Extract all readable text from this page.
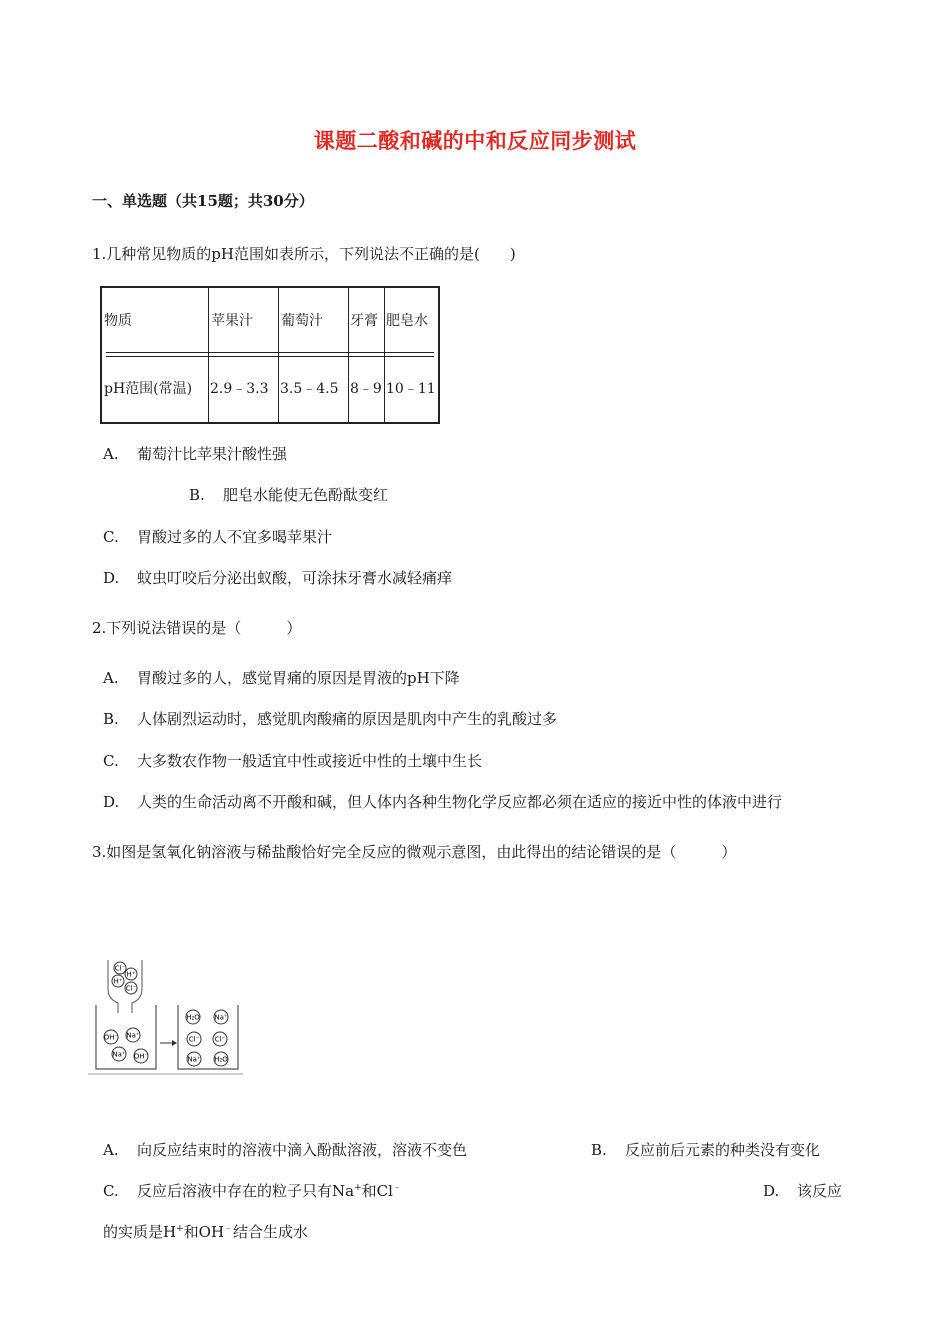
课题二酸和碱的中和反应同步测试
一、单选题（共15题；共30分）
1.几种常见物质的pH范围如表所示，下列说法不正确的是(　　)
物质	苹果汁	葡萄汁	牙膏 肥皂水
pH范围(常温)	2.9﹣3.3 3.5﹣4.5 8﹣9 10﹣11
A. 葡萄汁比苹果汁酸性强
B. 肥皂水能使无色酚酞变红
C. 胃酸过多的人不宜多喝苹果汁
D. 蚊虫叮咬后分泌出蚁酸，可涂抹牙膏水减轻痛痒
2.下列说法错误的是（　　　）
A. 胃酸过多的人，感觉胃痛的原因是胃液的pH下降
B. 人体剧烈运动时，感觉肌肉酸痛的原因是肌肉中产生的乳酸过多
C. 大多数农作物一般适宜中性或接近中性的土壤中生长
D. 人类的生命活动离不开酸和碱，但人体内各种生物化学反应都必须在适应的接近中性的体液中进行
3.如图是氢氧化钠溶液与稀盐酸恰好完全反应的微观示意图，由此得出的结论错误的是（　　　）
Cl⁻
H⁺
H⁺
Cl⁻
OH⁻ Na⁺
Na⁺ OH⁻
H₂O Na⁺
Cl⁻ Cl⁻
Na⁺ H₂O
A. 向反应结束时的溶液中滴入酚酞溶液，溶液不变色	B. 反应前后元素的种类没有变化
C. 反应后溶液中存在的粒子只有Na+和Cl﹣	D. 该反应
的实质是H+和OH﹣结合生成水
